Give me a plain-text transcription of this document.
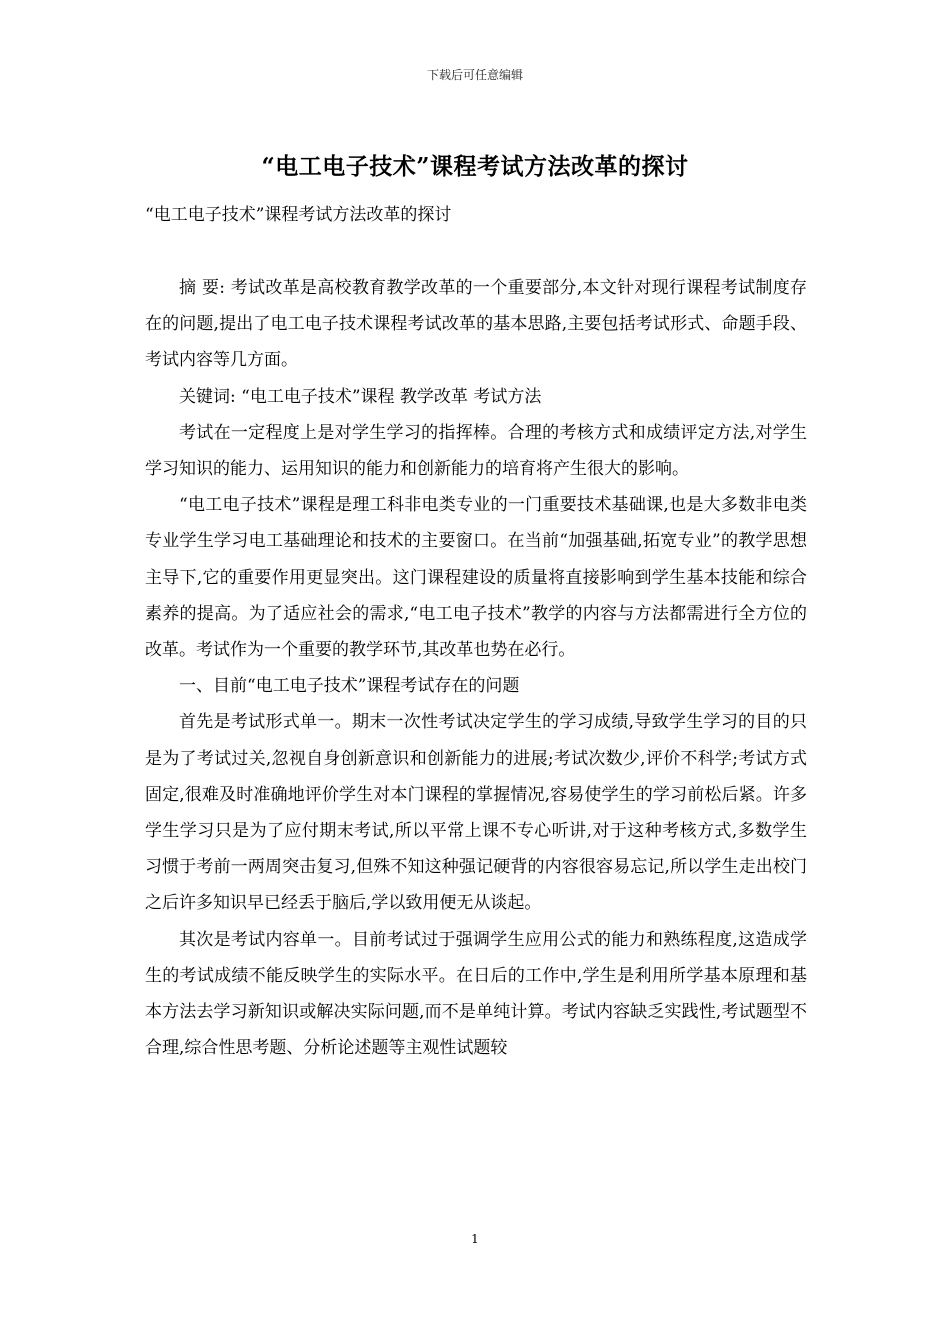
下载后可任意编辑
“电工电子技术”课程考试方法改革的探讨
“电工电子技术”课程考试方法改革的探讨

摘 要: 考试改革是高校教育教学改革的一个重要部分,本文针对现行课程考试制度存在的问题,提出了电工电子技术课程考试改革的基本思路,主要包括考试形式、命题手段、考试内容等几方面。

关键词: “电工电子技术”课程 教学改革 考试方法

考试在一定程度上是对学生学习的指挥棒。合理的考核方式和成绩评定方法,对学生学习知识的能力、运用知识的能力和创新能力的培育将产生很大的影响。

“电工电子技术”课程是理工科非电类专业的一门重要技术基础课,也是大多数非电类专业学生学习电工基础理论和技术的主要窗口。在当前“加强基础,拓宽专业”的教学思想主导下,它的重要作用更显突出。这门课程建设的质量将直接影响到学生基本技能和综合素养的提高。为了适应社会的需求,“电工电子技术”教学的内容与方法都需进行全方位的改革。考试作为一个重要的教学环节,其改革也势在必行。

一、目前“电工电子技术”课程考试存在的问题

首先是考试形式单一。期末一次性考试决定学生的学习成绩,导致学生学习的目的只是为了考试过关,忽视自身创新意识和创新能力的进展;考试次数少,评价不科学;考试方式固定,很难及时准确地评价学生对本门课程的掌握情况,容易使学生的学习前松后紧。许多学生学习只是为了应付期末考试,所以平常上课不专心听讲,对于这种考核方式,多数学生习惯于考前一两周突击复习,但殊不知这种强记硬背的内容很容易忘记,所以学生走出校门之后许多知识早已经丢于脑后,学以致用便无从谈起。

其次是考试内容单一。目前考试过于强调学生应用公式的能力和熟练程度,这造成学生的考试成绩不能反映学生的实际水平。在日后的工作中,学生是利用所学基本原理和基本方法去学习新知识或解决实际问题,而不是单纯计算。考试内容缺乏实践性,考试题型不合理,综合性思考题、分析论述题等主观性试题较

1
